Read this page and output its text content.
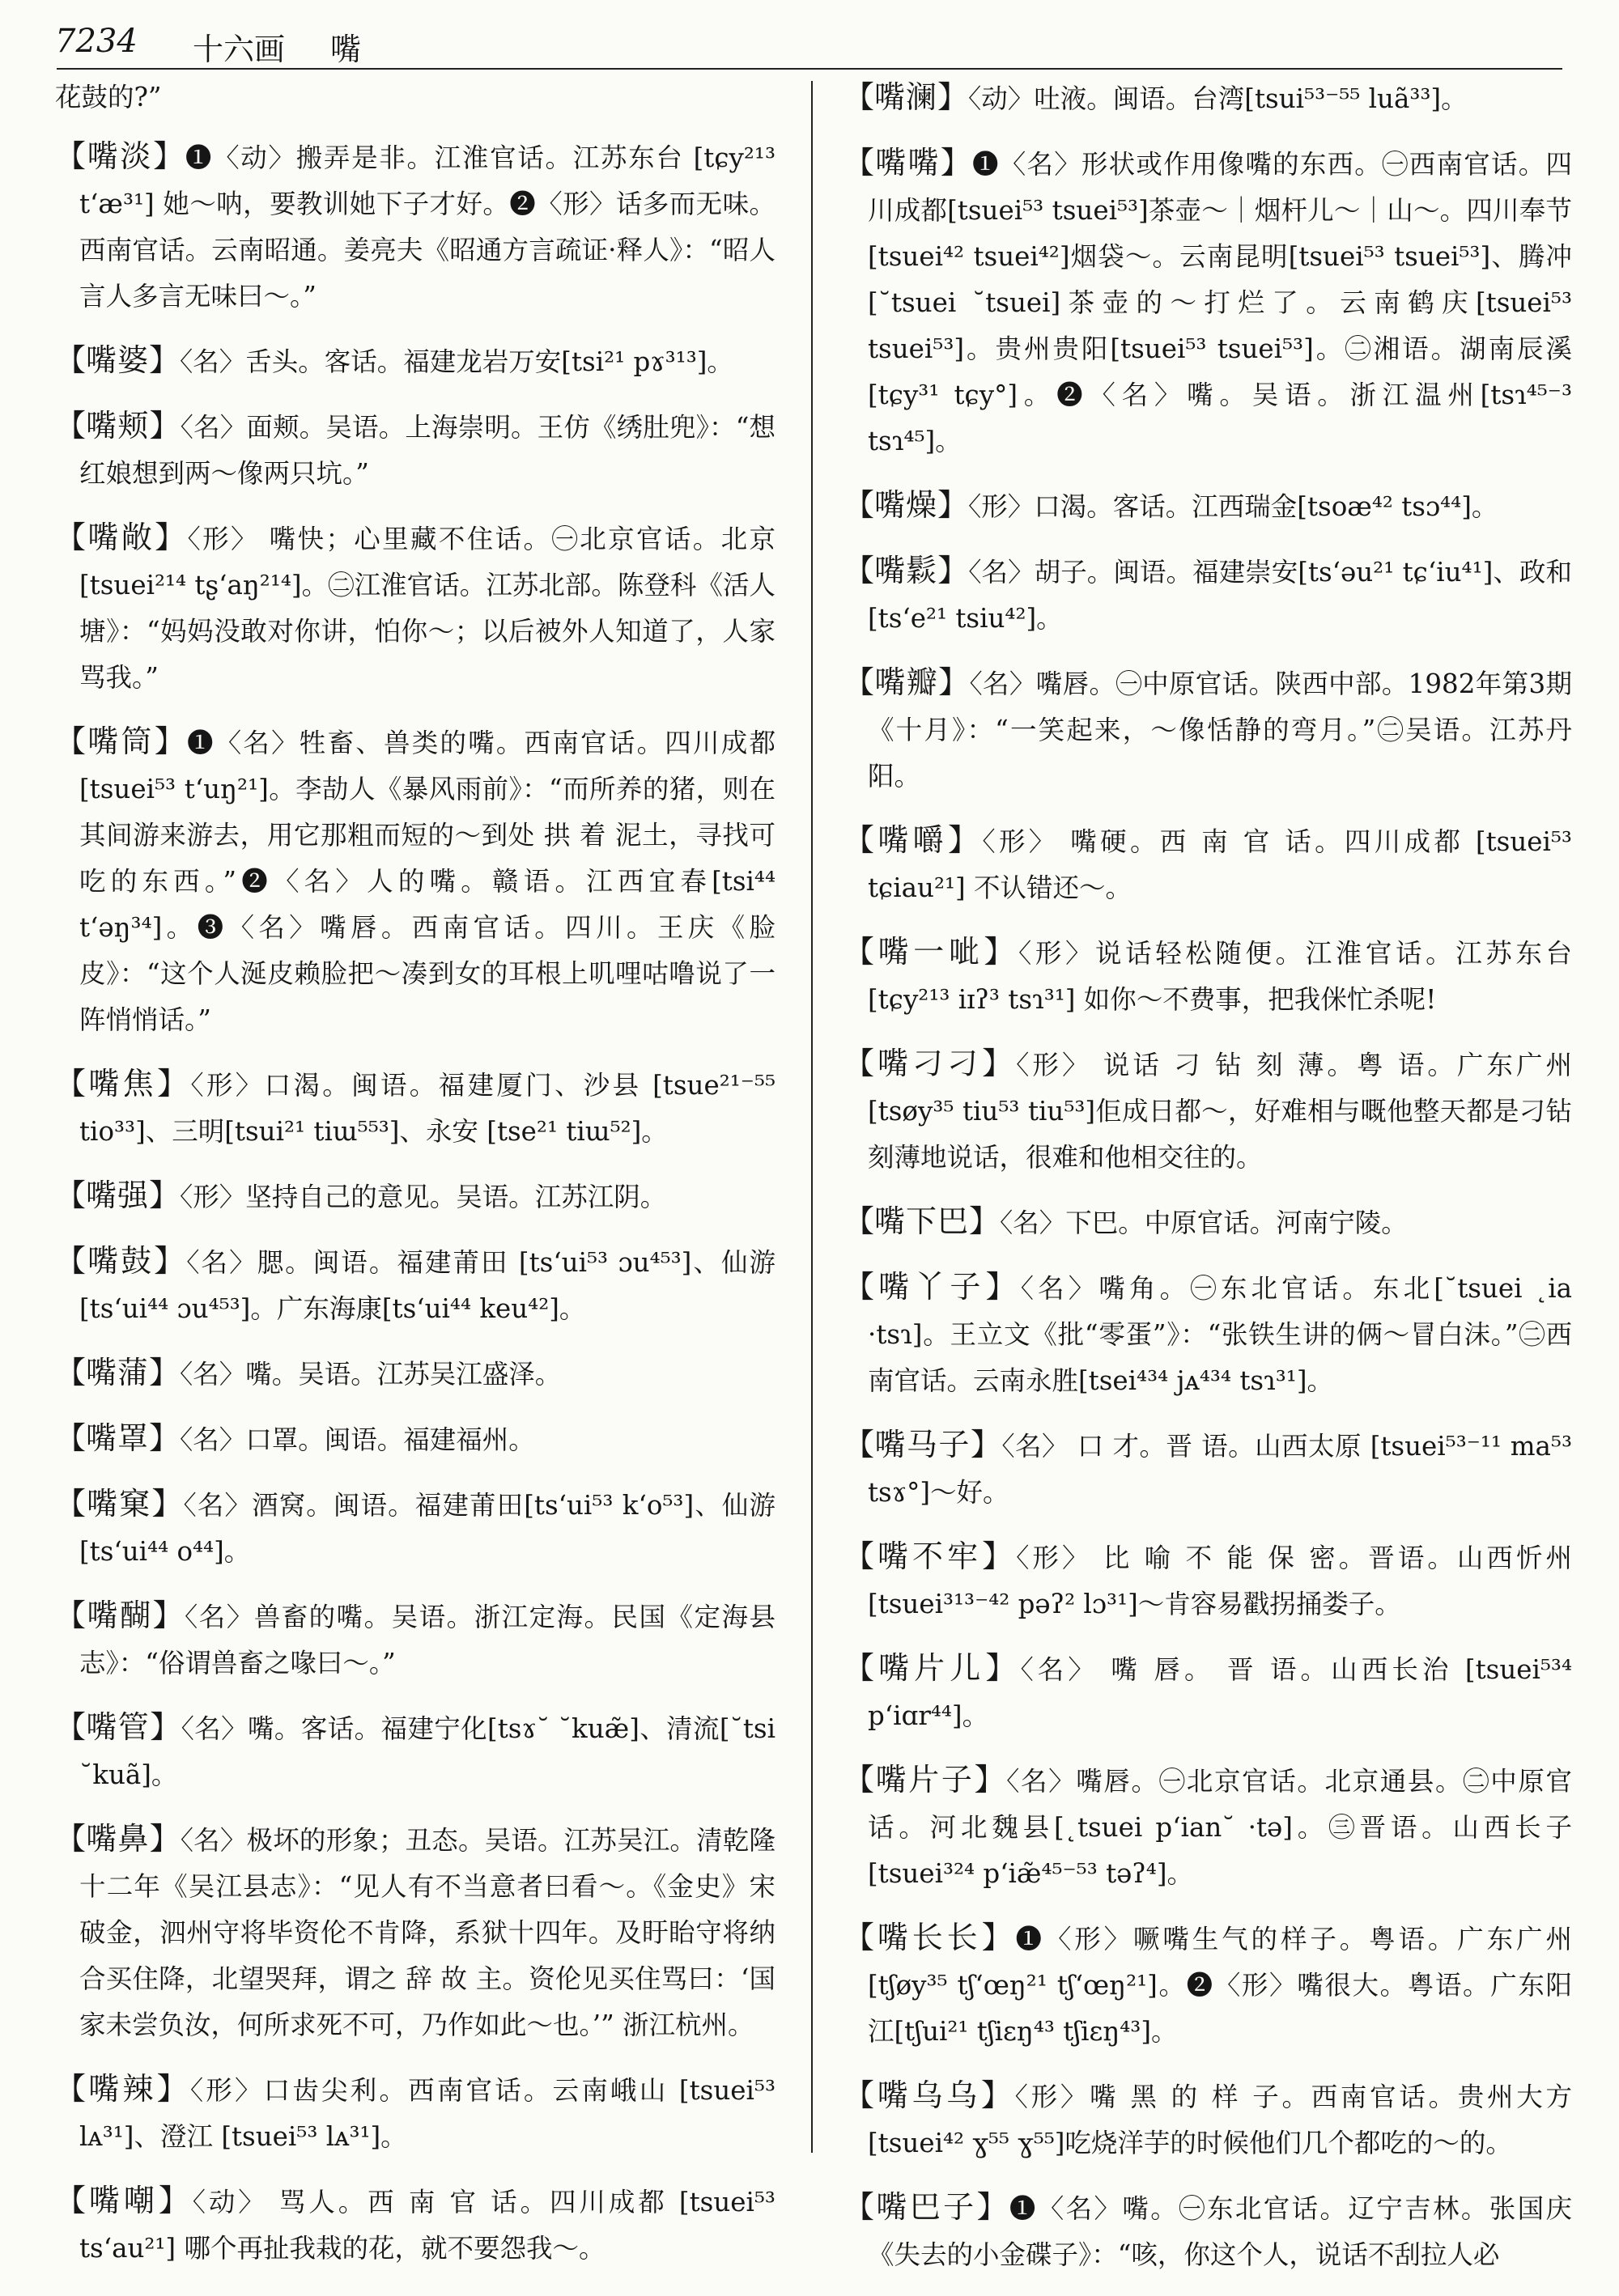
7234 十六画 嘴
花鼓的?”
【嘴淡】❶〈动〉搬弄是非。江淮官话。江苏东台 [tɕy²¹³ tʻæ³¹] 她～呐，要教训她下子才好。❷〈形〉话多而无味。西南官话。云南昭通。姜亮夫《昭通方言疏证·释人》：“昭人言人多言无味曰～。”
【嘴婆】〈名〉舌头。客话。福建龙岩万安[tsi²¹ pɤ³¹³]。
【嘴颊】〈名〉面颊。吴语。上海崇明。王仿《绣肚兜》：“想红娘想到两～像两只坑。”
【嘴敞】〈形〉 嘴快；心里藏不住话。㊀北京官话。北京 [tsuei²¹⁴ tʂʻaŋ²¹⁴]。㊁江淮官话。江苏北部。陈登科《活人塘》：“妈妈没敢对你讲，怕你～；以后被外人知道了，人家骂我。”
【嘴筒】❶〈名〉牲畜、兽类的嘴。西南官话。四川成都 [tsuei⁵³ tʻuŋ²¹]。李劼人《暴风雨前》：“而所养的猪，则在其间游来游去，用它那粗而短的～到处 拱 着 泥土，寻找可吃的东西。”❷〈名〉人的嘴。赣语。江西宜春[tsi⁴⁴ tʻəŋ³⁴]。❸〈名〉嘴唇。西南官话。四川。王庆《脸皮》：“这个人涎皮赖脸把～凑到女的耳根上叽哩咕噜说了一阵悄悄话。”
【嘴焦】〈形〉口渴。闽语。福建厦门、沙县 [tsue²¹⁻⁵⁵ tio³³]、三明[tsui²¹ tiɯ⁵⁵³]、永安 [tse²¹ tiɯ⁵²]。
【嘴强】〈形〉坚持自己的意见。吴语。江苏江阴。
【嘴鼓】〈名〉腮。闽语。福建莆田 [tsʻui⁵³ ɔu⁴⁵³]、仙游[tsʻui⁴⁴ ɔu⁴⁵³]。广东海康[tsʻui⁴⁴ keu⁴²]。
【嘴蒲】〈名〉嘴。吴语。江苏吴江盛泽。
【嘴罩】〈名〉口罩。闽语。福建福州。
【嘴窠】〈名〉酒窝。闽语。福建莆田[tsʻui⁵³ kʻo⁵³]、仙游[tsʻui⁴⁴ o⁴⁴]。
【嘴醐】〈名〉兽畜的嘴。吴语。浙江定海。民国《定海县志》：“俗谓兽畜之喙曰～。”
【嘴管】〈名〉嘴。客话。福建宁化[tsɤ˘ ˘kuæ̃]、清流[˘tsi ˘kuã]。
【嘴鼻】〈名〉极坏的形象；丑态。吴语。江苏吴江。清乾隆十二年《吴江县志》：“见人有不当意者曰看～。《金史》宋破金，泗州守将毕资伦不肯降，系狱十四年。及盱眙守将纳合买住降，北望哭拜，谓之 辞 故 主。资伦见买住骂曰：‘国家未尝负汝，何所求死不可，乃作如此～也。’” 浙江杭州。
【嘴辣】〈形〉口齿尖利。西南官话。云南峨山 [tsuei⁵³ lᴀ³¹]、澄江 [tsuei⁵³ lᴀ³¹]。
【嘴嘲】〈动〉 骂人。西 南 官 话。四川成都 [tsuei⁵³ tsʻau²¹] 哪个再扯我栽的花，就不要怨我～。
【嘴澜】〈动〉吐液。闽语。台湾[tsui⁵³⁻⁵⁵ luã³³]。
【嘴嘴】❶〈名〉形状或作用像嘴的东西。㊀西南官话。四川成都[tsuei⁵³ tsuei⁵³]茶壶～｜烟杆儿～｜山～。四川奉节[tsuei⁴² tsuei⁴²]烟袋～。云南昆明[tsuei⁵³ tsuei⁵³]、腾冲[˘tsuei ˘tsuei]茶壶的～打烂了。云南鹤庆[tsuei⁵³ tsuei⁵³]。贵州贵阳[tsuei⁵³ tsuei⁵³]。㊁湘语。湖南辰溪[tɕy³¹ tɕy°]。❷〈名〉嘴。吴语。浙江温州[tsɿ⁴⁵⁻³ tsɿ⁴⁵]。
【嘴燥】〈形〉口渴。客话。江西瑞金[tsoæ⁴² tsɔ⁴⁴]。
【嘴鬏】〈名〉胡子。闽语。福建崇安[tsʻəu²¹ tɕʻiu⁴¹]、政和[tsʻe²¹ tsiu⁴²]。
【嘴瓣】〈名〉嘴唇。㊀中原官话。陕西中部。1982年第3期《十月》：“一笑起来，～像恬静的弯月。”㊁吴语。江苏丹阳。
【嘴嚼】〈形〉 嘴硬。西 南 官 话。四川成都 [tsuei⁵³ tɕiau²¹] 不认错还～。
【嘴一呲】〈形〉说话轻松随便。江淮官话。江苏东台 [tɕy²¹³ iɪʔ³ tsɿ³¹] 如你～不费事，把我侎忙杀呢!
【嘴刁刁】〈形〉 说话 刁 钻 刻 薄。粤 语。广东广州 [tsøy³⁵ tiu⁵³ tiu⁵³]佢成日都～，好难相与嘅他整天都是刁钻刻薄地说话，很难和他相交往的。
【嘴下巴】〈名〉下巴。中原官话。河南宁陵。
【嘴丫子】〈名〉嘴角。㊀东北官话。东北[˘tsuei ˛ia ·tsɿ]。王立文《批“零蛋”》：“张铁生讲的俩～冒白沫。”㊁西南官话。云南永胜[tsei⁴³⁴ jᴀ⁴³⁴ tsɿ³¹]。
【嘴马子】〈名〉 口 才。晋 语。山西太原 [tsuei⁵³⁻¹¹ ma⁵³ tsɤ°]～好。
【嘴不牢】〈形〉 比 喻 不 能 保 密。晋语。山西忻州 [tsuei³¹³⁻⁴² pəʔ² lɔ³¹]～肯容易戳拐捅娄子。
【嘴片儿】〈名〉 嘴 唇。 晋 语。山西长治 [tsuei⁵³⁴ pʻiɑr⁴⁴]。
【嘴片子】〈名〉嘴唇。㊀北京官话。北京通县。㊁中原官话。河北魏县[˛tsuei pʻian˘ ·tə]。㊂晋语。山西长子[tsuei³²⁴ pʻiæ̃⁴⁵⁻⁵³ təʔ⁴]。
【嘴长长】❶〈形〉噘嘴生气的样子。粤语。广东广州 [tʃøy³⁵ tʃʻœŋ²¹ tʃʻœŋ²¹]。❷〈形〉嘴很大。粤语。广东阳江[tʃui²¹ tʃiɛŋ⁴³ tʃiɛŋ⁴³]。
【嘴乌乌】〈形〉嘴 黑 的 样 子。西南官话。贵州大方 [tsuei⁴² ɣ⁵⁵ ɣ⁵⁵]吃烧洋芋的时候他们几个都吃的～的。
【嘴巴子】❶〈名〉嘴。㊀东北官话。辽宁吉林。张国庆《失去的小金碟子》：“咳，你这个人，说话不刮拉人必
